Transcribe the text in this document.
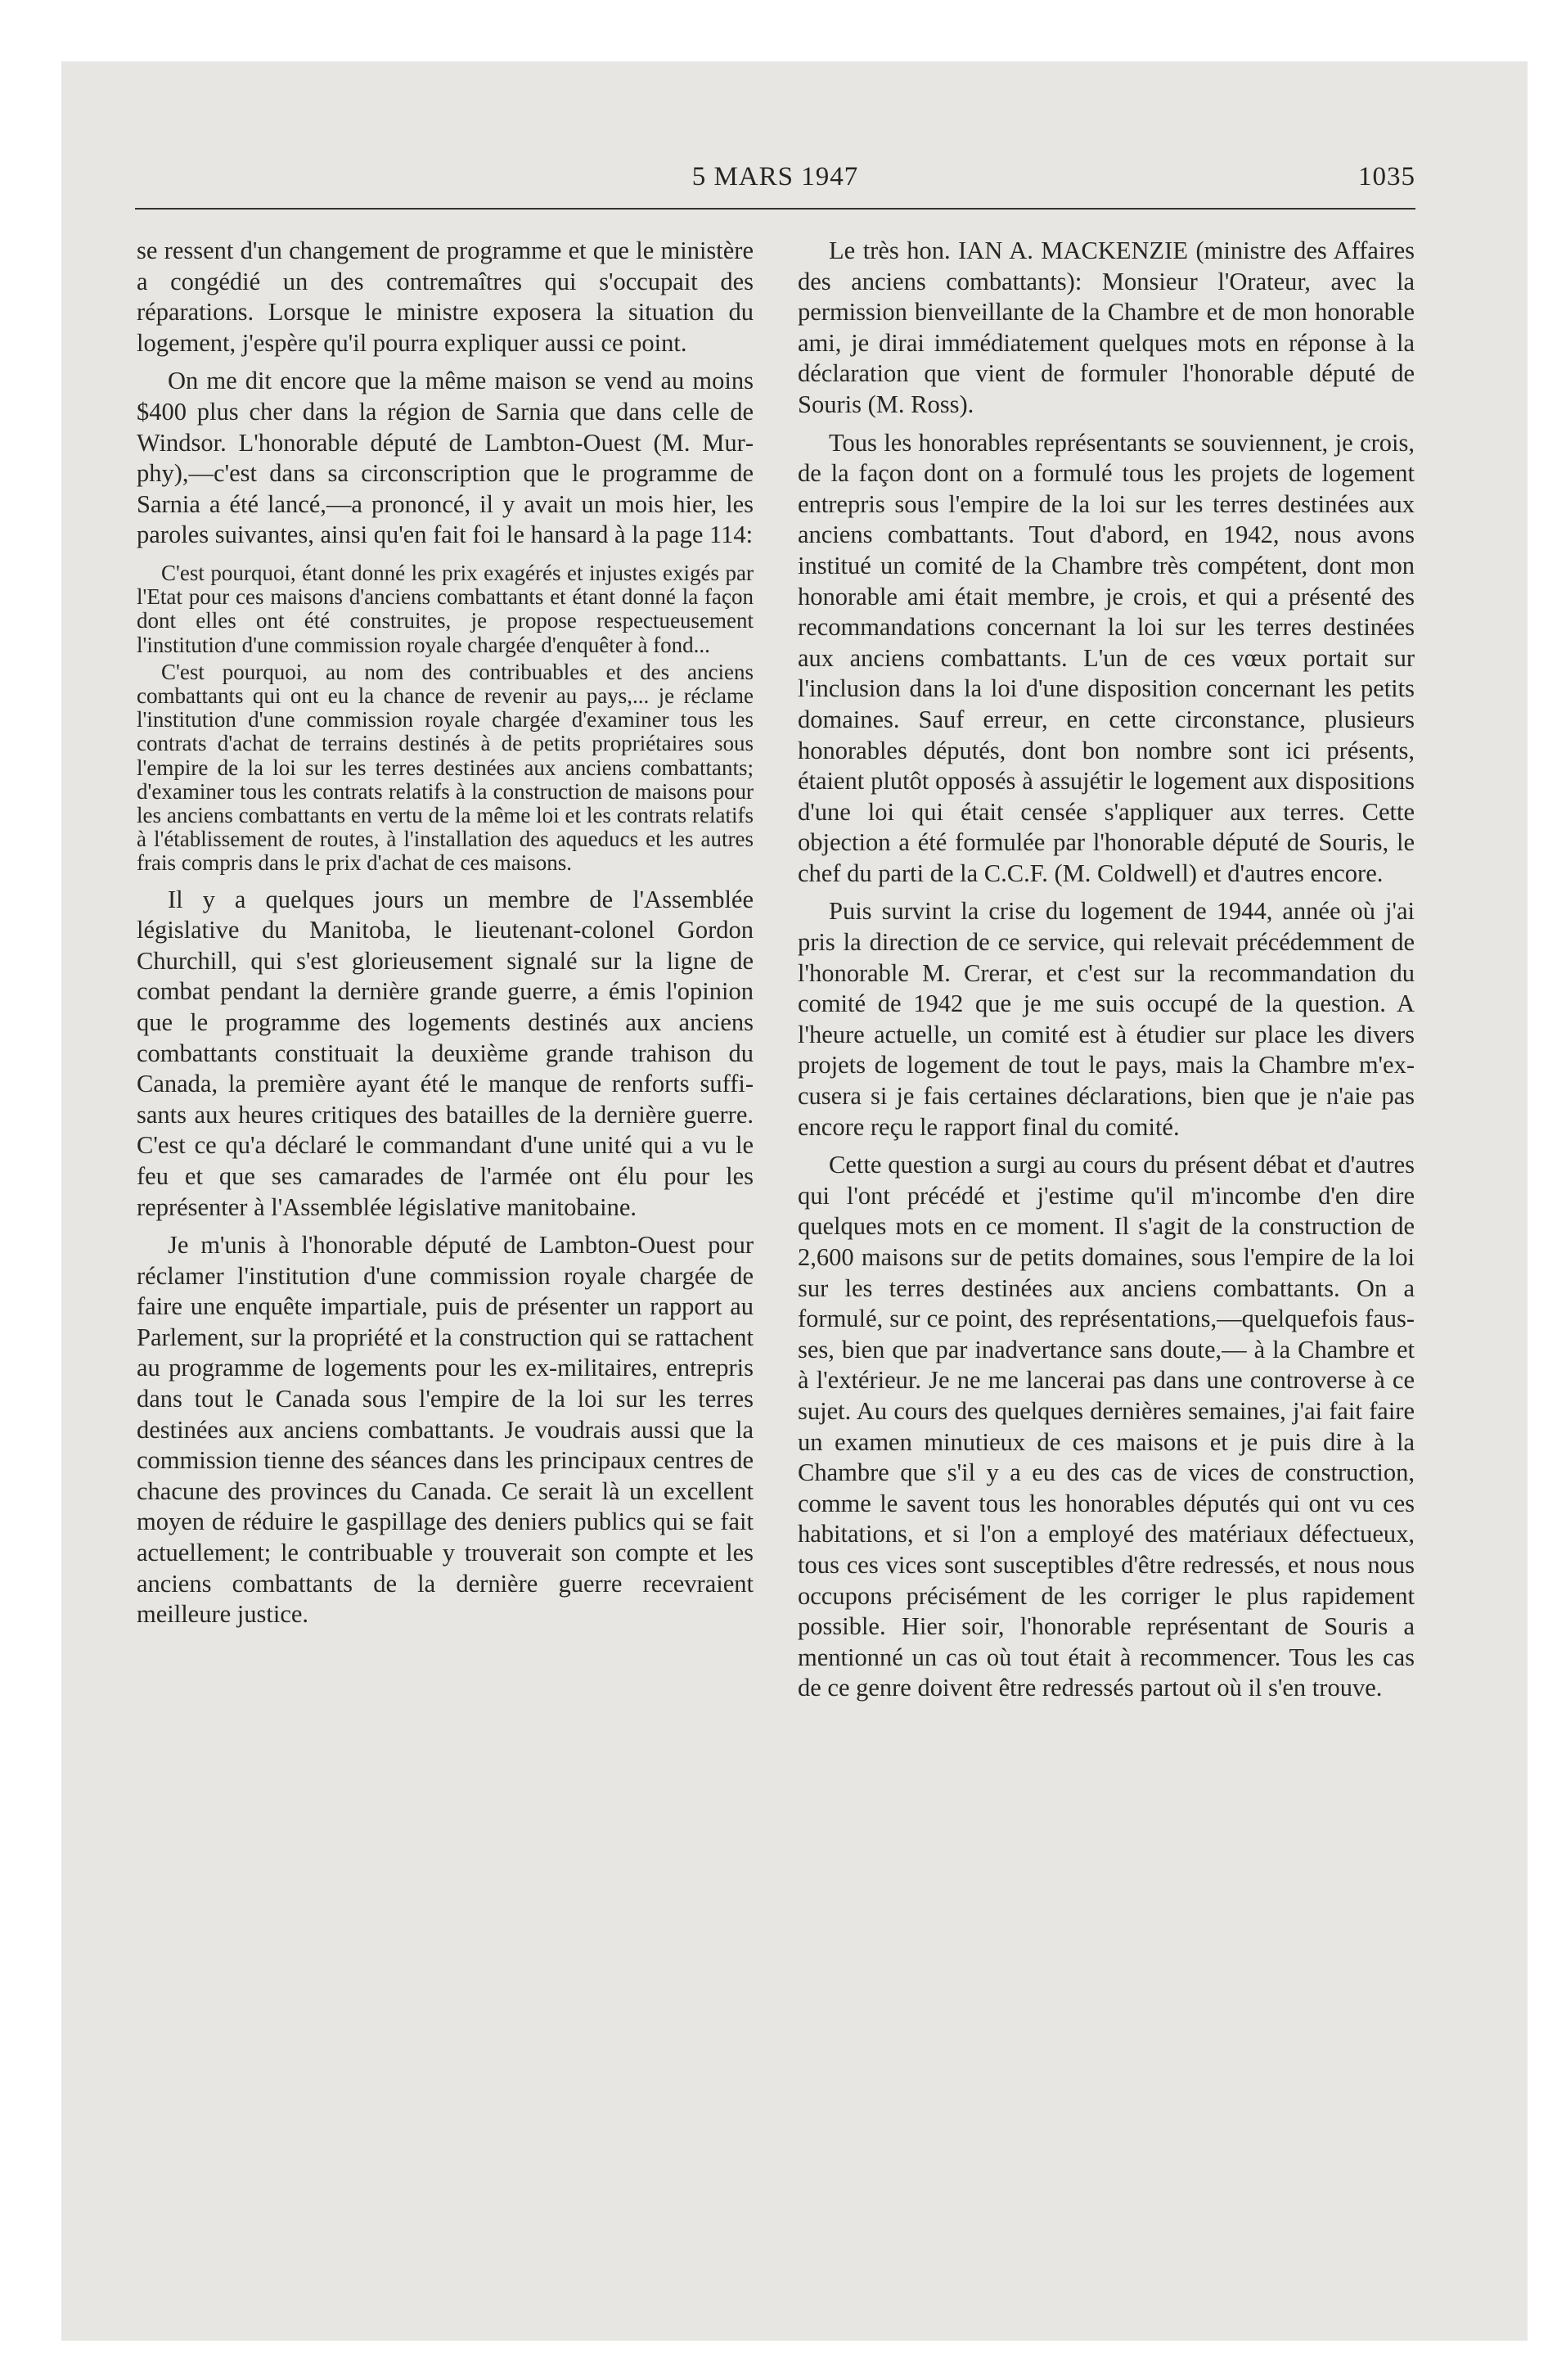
5 MARS 1947	1035

se ressent d'un changement de programme et que le ministère a congédié un des contremaîtres qui s'occupait des réparations. Lorsque le ministre exposera la situation du logement, j'espère qu'il pourra expliquer aussi ce point.

On me dit encore que la même maison se vend au moins $400 plus cher dans la région de Sarnia que dans celle de Windsor. L'honorable député de Lambton-Ouest (M. Murphy),—c'est dans sa circonscription que le programme de Sarnia a été lancé,—a prononcé, il y avait un mois hier, les paroles suivantes, ainsi qu'en fait foi le hansard à la page 114:

C'est pourquoi, étant donné les prix exagérés et injustes exigés par l'Etat pour ces maisons d'anciens combattants et étant donné la façon dont elles ont été construites, je propose respectueusement l'institution d'une commission royale chargée d'enquêter à fond...

C'est pourquoi, au nom des contribuables et des anciens combattants qui ont eu la chance de revenir au pays,... je réclame l'institution d'une commission royale chargée d'examiner tous les contrats d'achat de terrains destinés à de petits propriétaires sous l'empire de la loi sur les terres destinées aux anciens combattants; d'examiner tous les contrats relatifs à la construction de maisons pour les anciens combattants en vertu de la même loi et les contrats relatifs à l'établissement de routes, à l'installation des aqueducs et les autres frais compris dans le prix d'achat de ces maisons.

Il y a quelques jours un membre de l'Assemblée législative du Manitoba, le lieutenant-colonel Gordon Churchill, qui s'est glorieusement signalé sur la ligne de combat pendant la dernière grande guerre, a émis l'opinion que le programme des logements destinés aux anciens combattants constituait la deuxième grande trahison du Canada, la première ayant été le manque de renforts suffisants aux heures critiques des batailles de la dernière guerre. C'est ce qu'a déclaré le commandant d'une unité qui a vu le feu et que ses camarades de l'armée ont élu pour les représenter à l'Assemblée législative manitobaine.

Je m'unis à l'honorable député de Lambton-Ouest pour réclamer l'institution d'une commission royale chargée de faire une enquête impartiale, puis de présenter un rapport au Parlement, sur la propriété et la construction qui se rattachent au programme de logements pour les ex-militaires, entrepris dans tout le Canada sous l'empire de la loi sur les terres destinées aux anciens combattants. Je voudrais aussi que la commission tienne des séances dans les principaux centres de chacune des provinces du Canada. Ce serait là un excellent moyen de réduire le gaspillage des deniers publics qui se fait actuellement; le contribuable y trouverait son compte et les anciens combattants de la dernière guerre recevraient meilleure justice.

Le très hon. IAN A. MACKENZIE (ministre des Affaires des anciens combattants): Monsieur l'Orateur, avec la permission bienveillante de la Chambre et de mon honorable ami, je dirai immédiatement quelques mots en réponse à la déclaration que vient de formuler l'honorable député de Souris (M. Ross).

Tous les honorables représentants se souviennent, je crois, de la façon dont on a formulé tous les projets de logement entrepris sous l'empire de la loi sur les terres destinées aux anciens combattants. Tout d'abord, en 1942, nous avons institué un comité de la Chambre très compétent, dont mon honorable ami était membre, je crois, et qui a présenté des recommandations concernant la loi sur les terres destinées aux anciens combattants. L'un de ces vœux portait sur l'inclusion dans la loi d'une disposition concernant les petits domaines. Sauf erreur, en cette circonstance, plusieurs honorables députés, dont bon nombre sont ici présents, étaient plutôt opposés à assujétir le logement aux dispositions d'une loi qui était censée s'appliquer aux terres. Cette objection a été formulée par l'honorable député de Souris, le chef du parti de la C.C.F. (M. Coldwell) et d'autres encore.

Puis survint la crise du logement de 1944, année où j'ai pris la direction de ce service, qui relevait précédemment de l'honorable M. Crerar, et c'est sur la recommandation du comité de 1942 que je me suis occupé de la question. A l'heure actuelle, un comité est à étudier sur place les divers projets de logement de tout le pays, mais la Chambre m'excusera si je fais certaines déclarations, bien que je n'aie pas encore reçu le rapport final du comité.

Cette question a surgi au cours du présent débat et d'autres qui l'ont précédé et j'estime qu'il m'incombe d'en dire quelques mots en ce moment. Il s'agit de la construction de 2,600 maisons sur de petits domaines, sous l'empire de la loi sur les terres destinées aux anciens combattants. On a formulé, sur ce point, des représentations,—quelquefois fausses, bien que par inadvertance sans doute,— à la Chambre et à l'extérieur. Je ne me lancerai pas dans une controverse à ce sujet. Au cours des quelques dernières semaines, j'ai fait faire un examen minutieux de ces maisons et je puis dire à la Chambre que s'il y a eu des cas de vices de construction, comme le savent tous les honorables députés qui ont vu ces habitations, et si l'on a employé des matériaux défectueux, tous ces vices sont susceptibles d'être redressés, et nous nous occupons précisément de les corriger le plus rapidement possible. Hier soir, l'honorable représentant de Souris a mentionné un cas où tout était à recommencer. Tous les cas de ce genre doivent être redressés partout où il s'en trouve.
